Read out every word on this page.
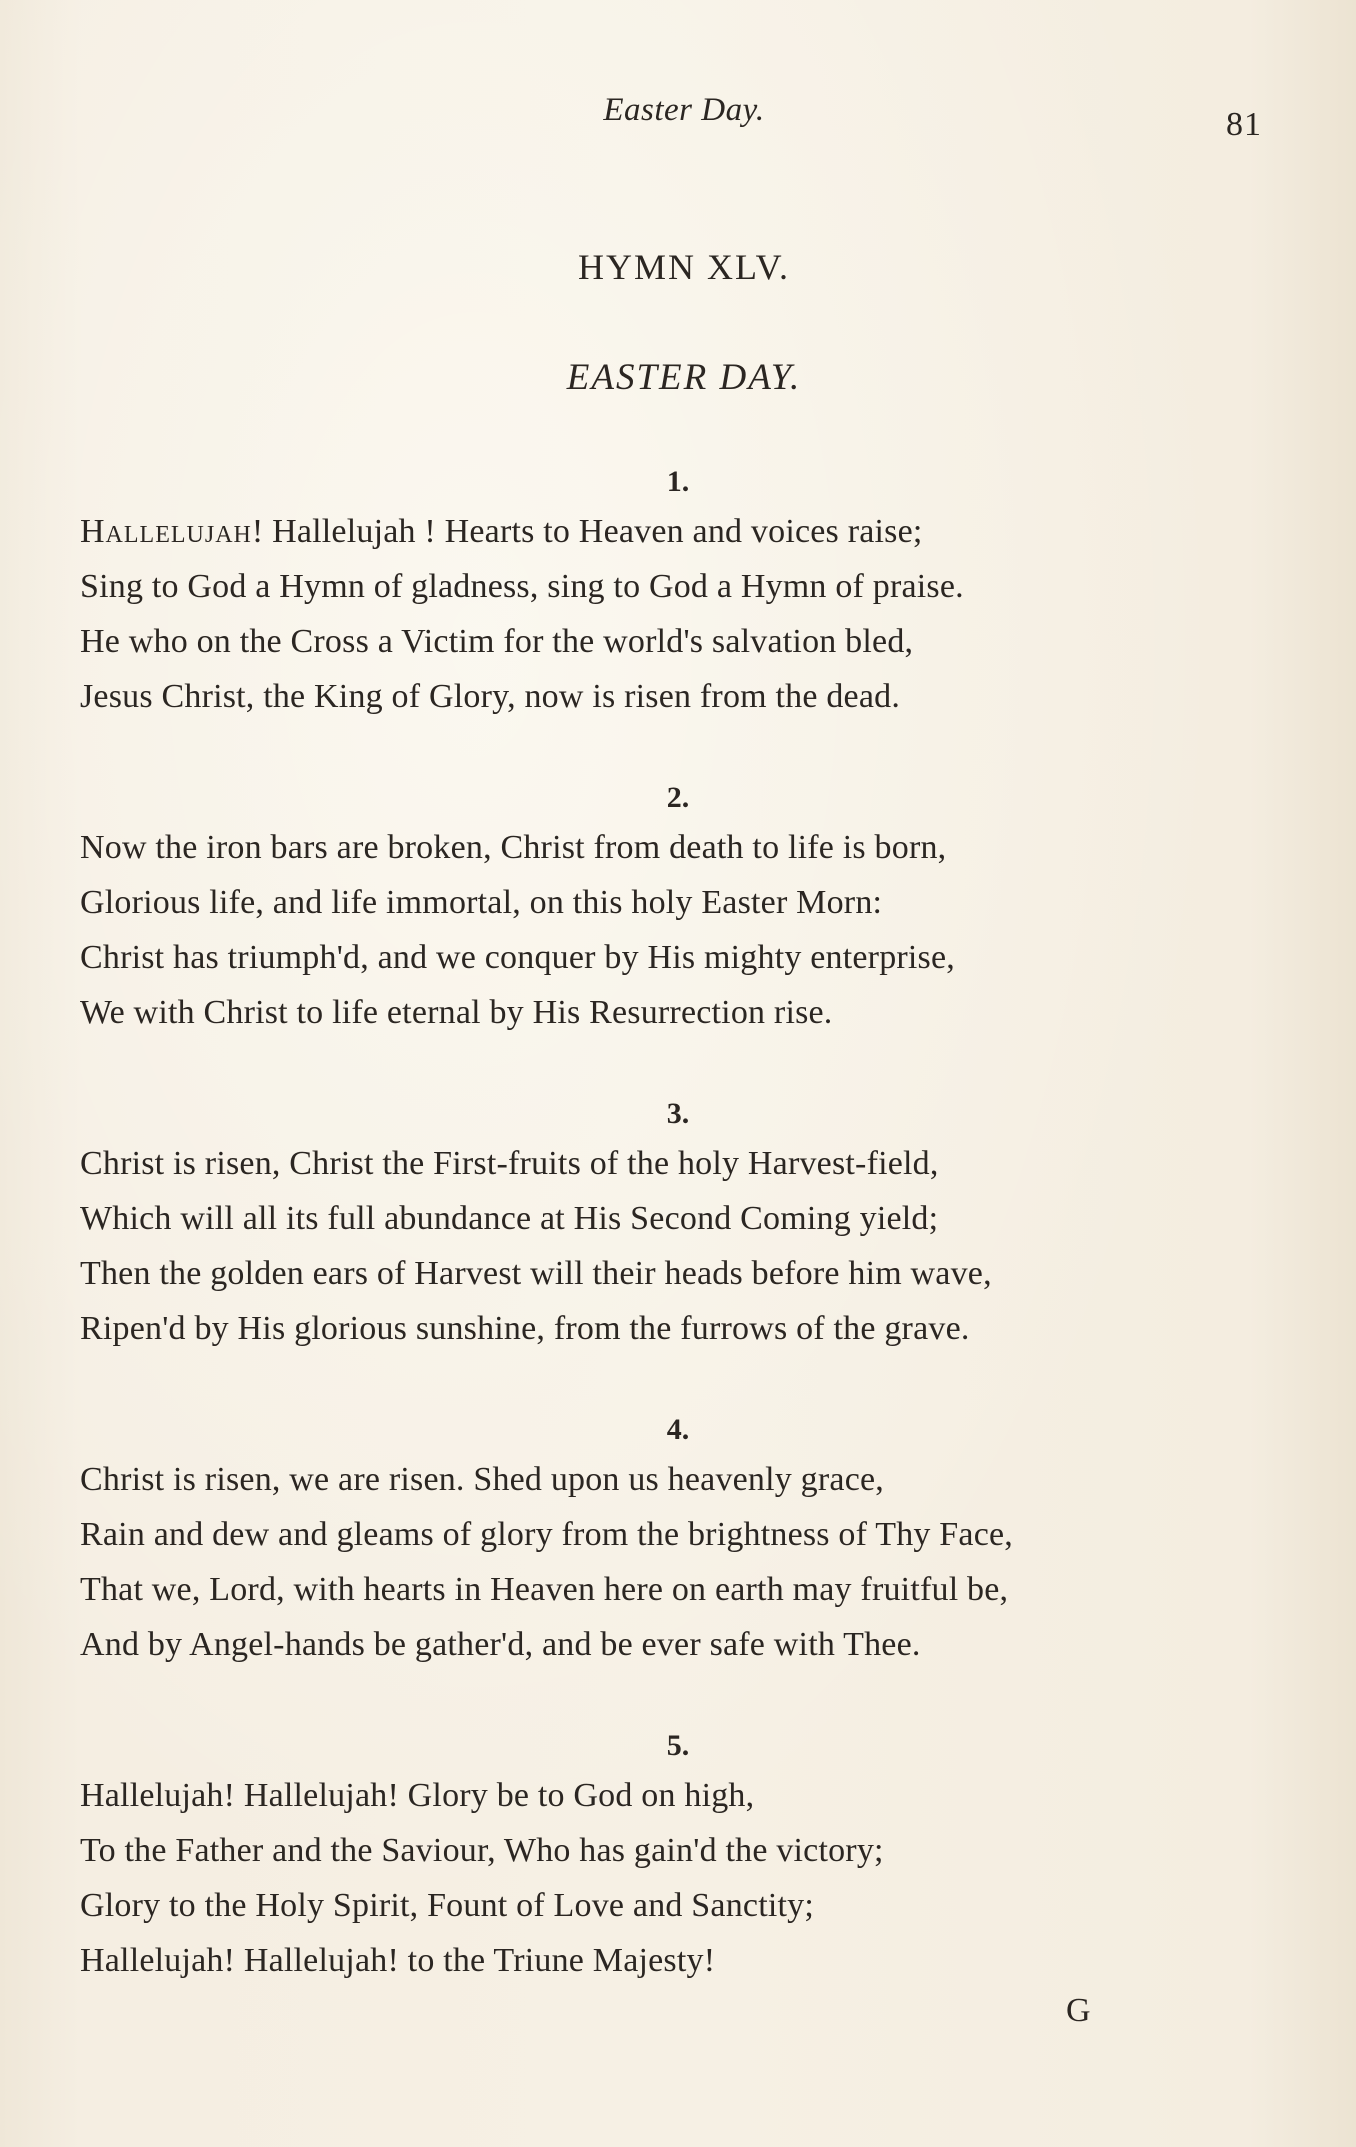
Easter Day.	81
HYMN XLV.
EASTER DAY.
1.
Hallelujah! Hallelujah ! Hearts to Heaven and voices raise;
Sing to God a Hymn of gladness, sing to God a Hymn of praise.
He who on the Cross a Victim for the world's salvation bled,
Jesus Christ, the King of Glory, now is risen from the dead.
2.
Now the iron bars are broken, Christ from death to life is born,
Glorious life, and life immortal, on this holy Easter Morn:
Christ has triumph'd, and we conquer by His mighty enterprise,
We with Christ to life eternal by His Resurrection rise.
3.
Christ is risen, Christ the First-fruits of the holy Harvest-field,
Which will all its full abundance at His Second Coming yield;
Then the golden ears of Harvest will their heads before him wave,
Ripen'd by His glorious sunshine, from the furrows of the grave.
4.
Christ is risen, we are risen. Shed upon us heavenly grace,
Rain and dew and gleams of glory from the brightness of Thy Face,
That we, Lord, with hearts in Heaven here on earth may fruitful be,
And by Angel-hands be gather'd, and be ever safe with Thee.
5.
Hallelujah! Hallelujah! Glory be to God on high,
To the Father and the Saviour, Who has gain'd the victory;
Glory to the Holy Spirit, Fount of Love and Sanctity;
Hallelujah! Hallelujah! to the Triune Majesty!
G
